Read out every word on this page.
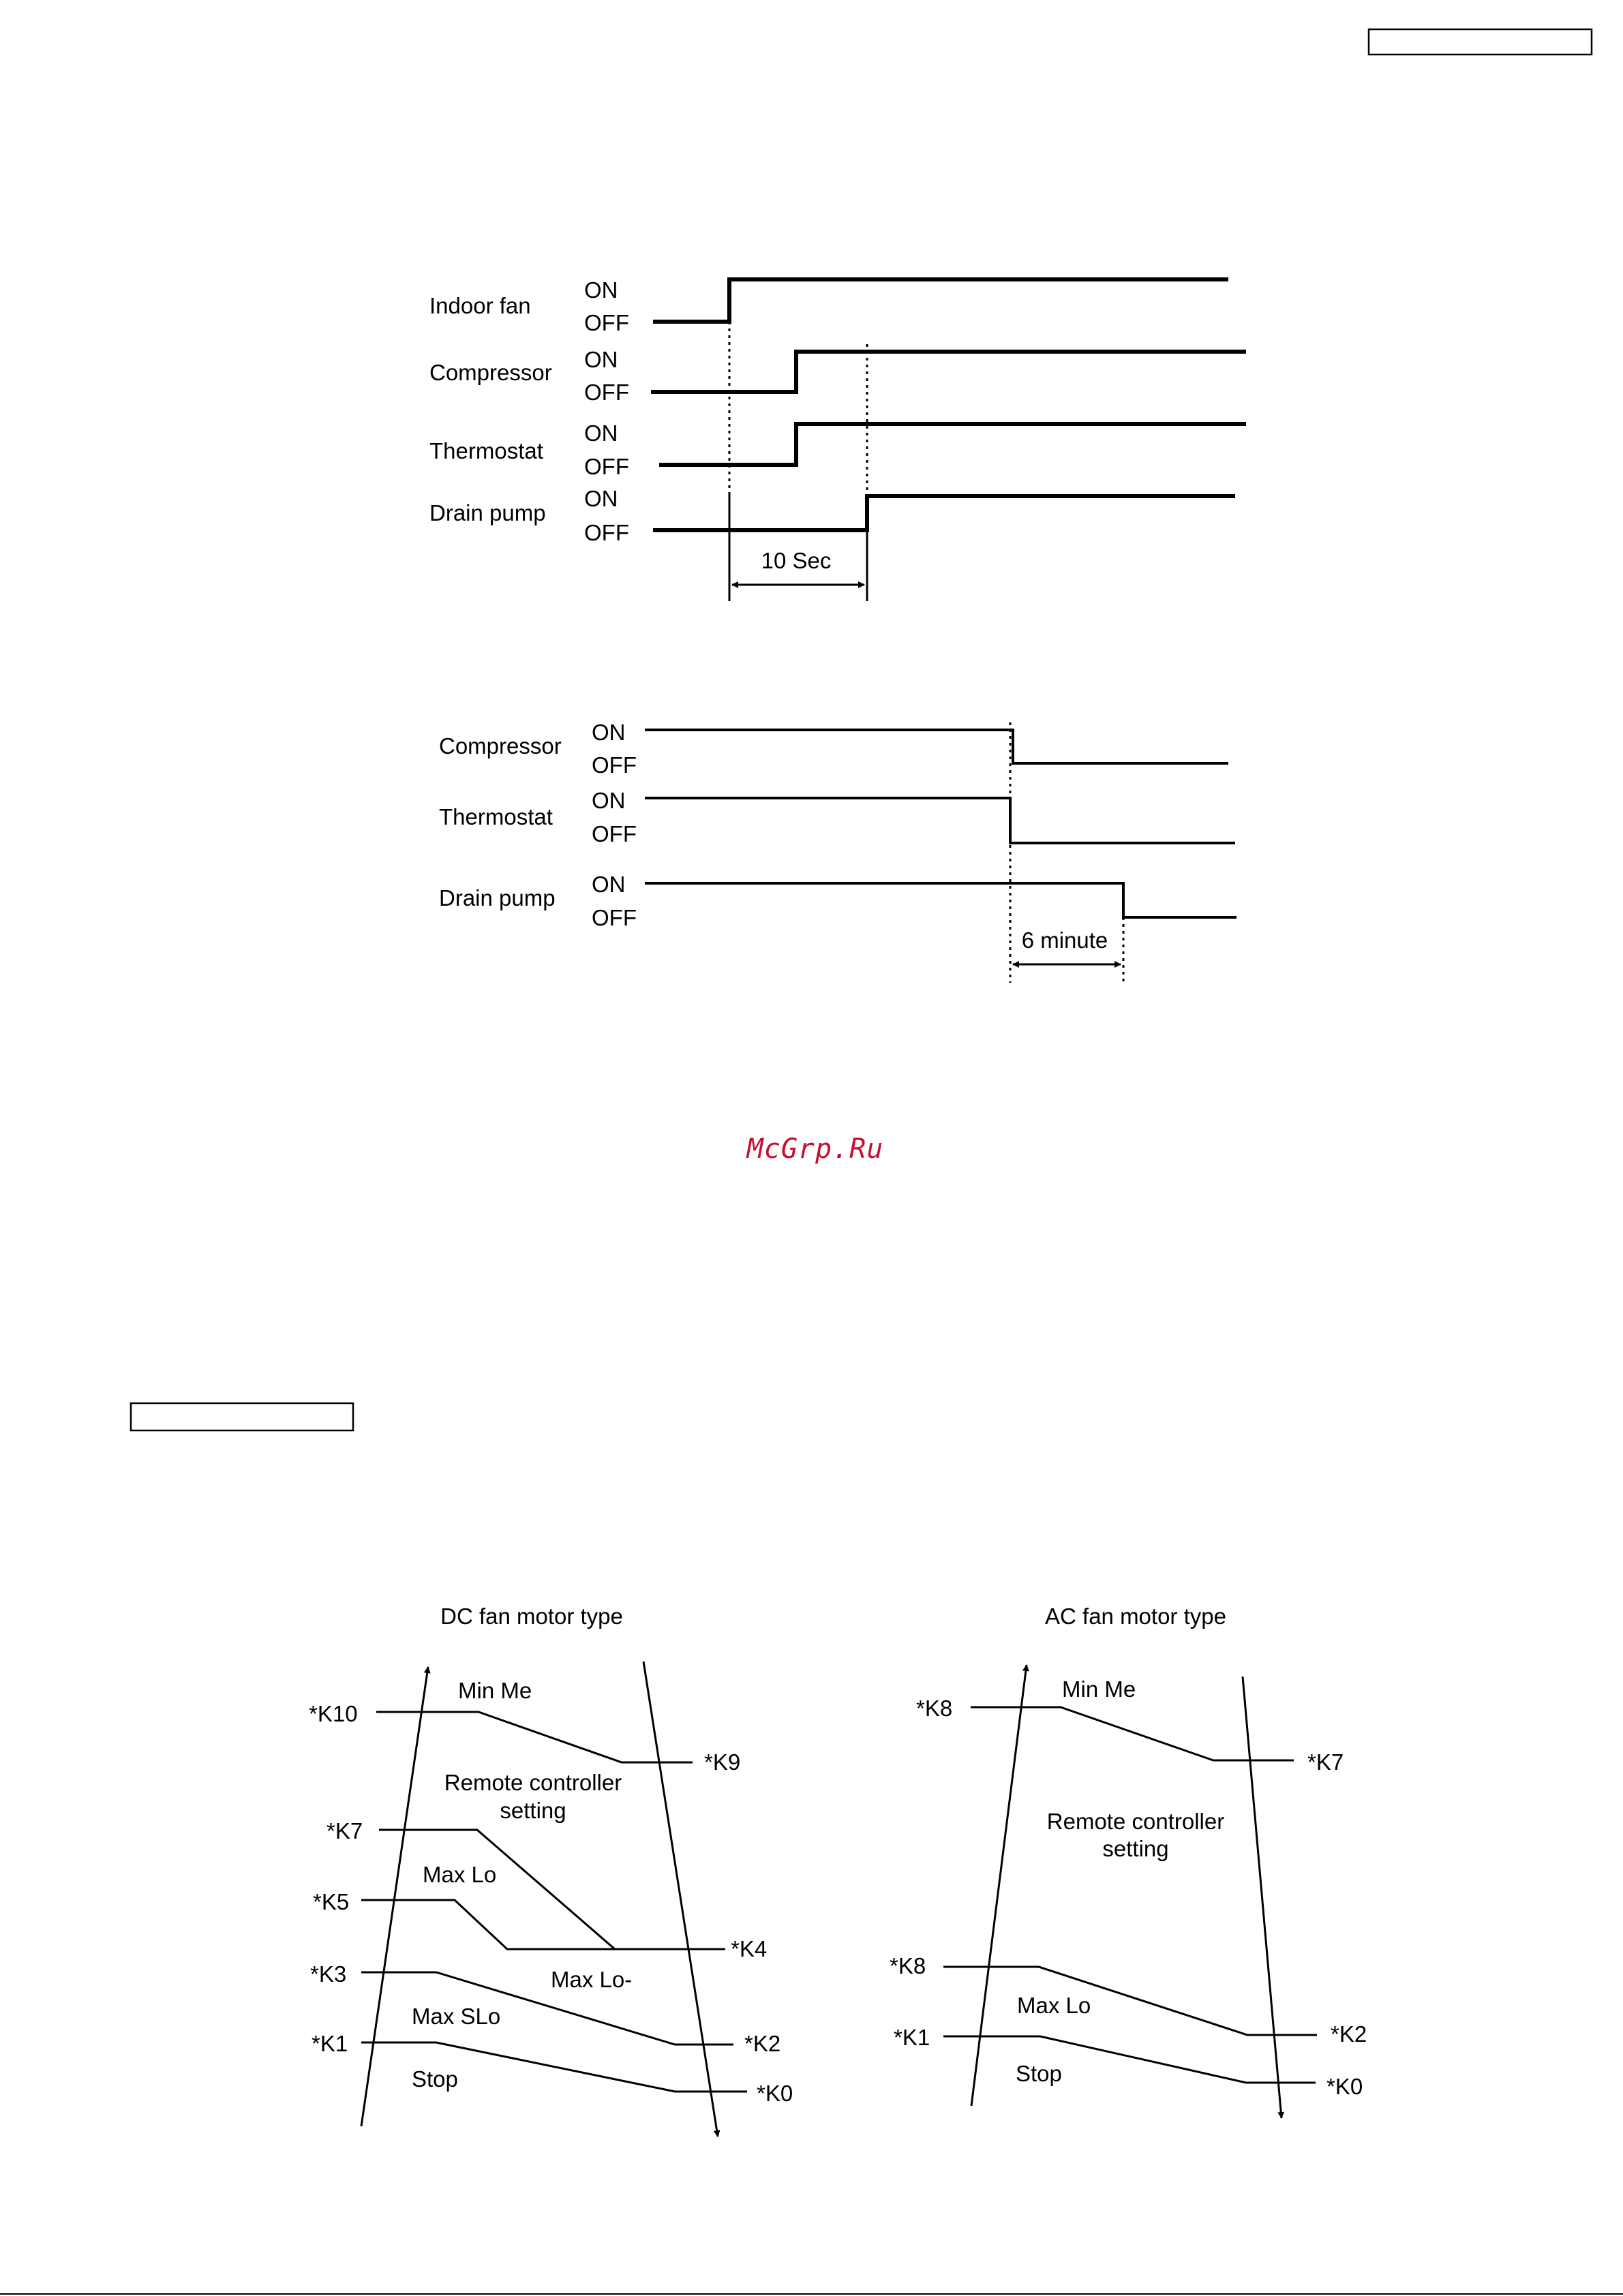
Indoor fan
ON
OFF
Compressor
ON
OFF
Thermostat
ON
OFF
Drain pump
ON
OFF
10 Sec
Compressor
ON
OFF
Thermostat
ON
OFF
Drain pump
ON
OFF
6 minute
McGrp.Ru
DC fan motor type
*K10
*K9
*K7
*K5
*K4
*K3
*K2
*K1
*K0
Min Me
Remote controller
setting
Max Lo
Max Lo-
Max SLo
Stop
AC fan motor type
*K8
*K7
*K8
*K2
*K1
*K0
Min Me
Remote controller
setting
Max Lo
Stop
